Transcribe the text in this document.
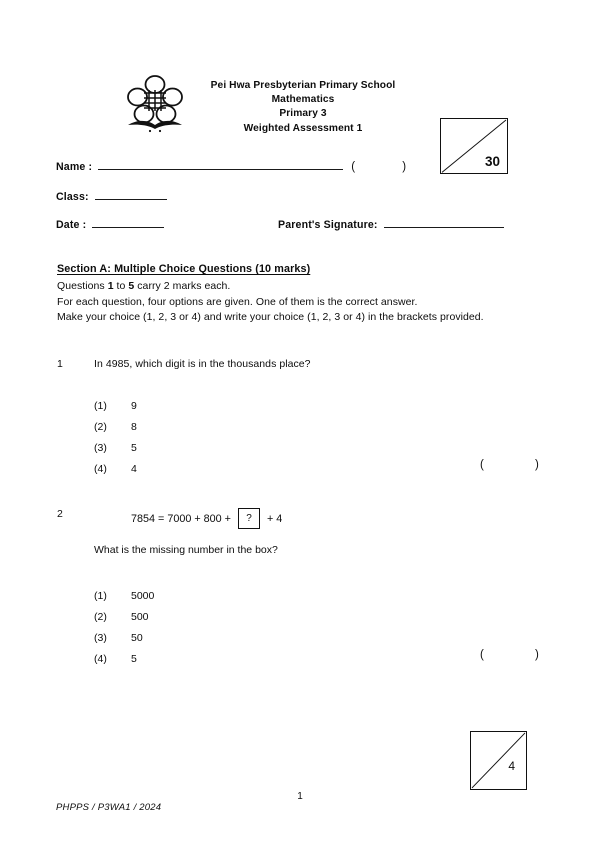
Pei Hwa Presbyterian Primary School
Mathematics
Primary 3
Weighted Assessment 1
30
Name :	( )
Class:
Date :	Parent's Signature:
Section A: Multiple Choice Questions (10 marks)
Questions 1 to 5 carry 2 marks each.
For each question, four options are given. One of them is the correct answer.
Make your choice (1, 2, 3 or 4) and write your choice (1, 2, 3 or 4) in the brackets provided.
1	In 4985, which digit is in the thousands place?
(1) 9
(2) 8
(3) 5
(4) 4	( )
2	7854 = 7000 + 800 +	?	+ 4
What is the missing number in the box?
(1) 5000
(2) 500
(3) 50
(4) 5	( )
4
1
PHPPS / P3WA1 / 2024
